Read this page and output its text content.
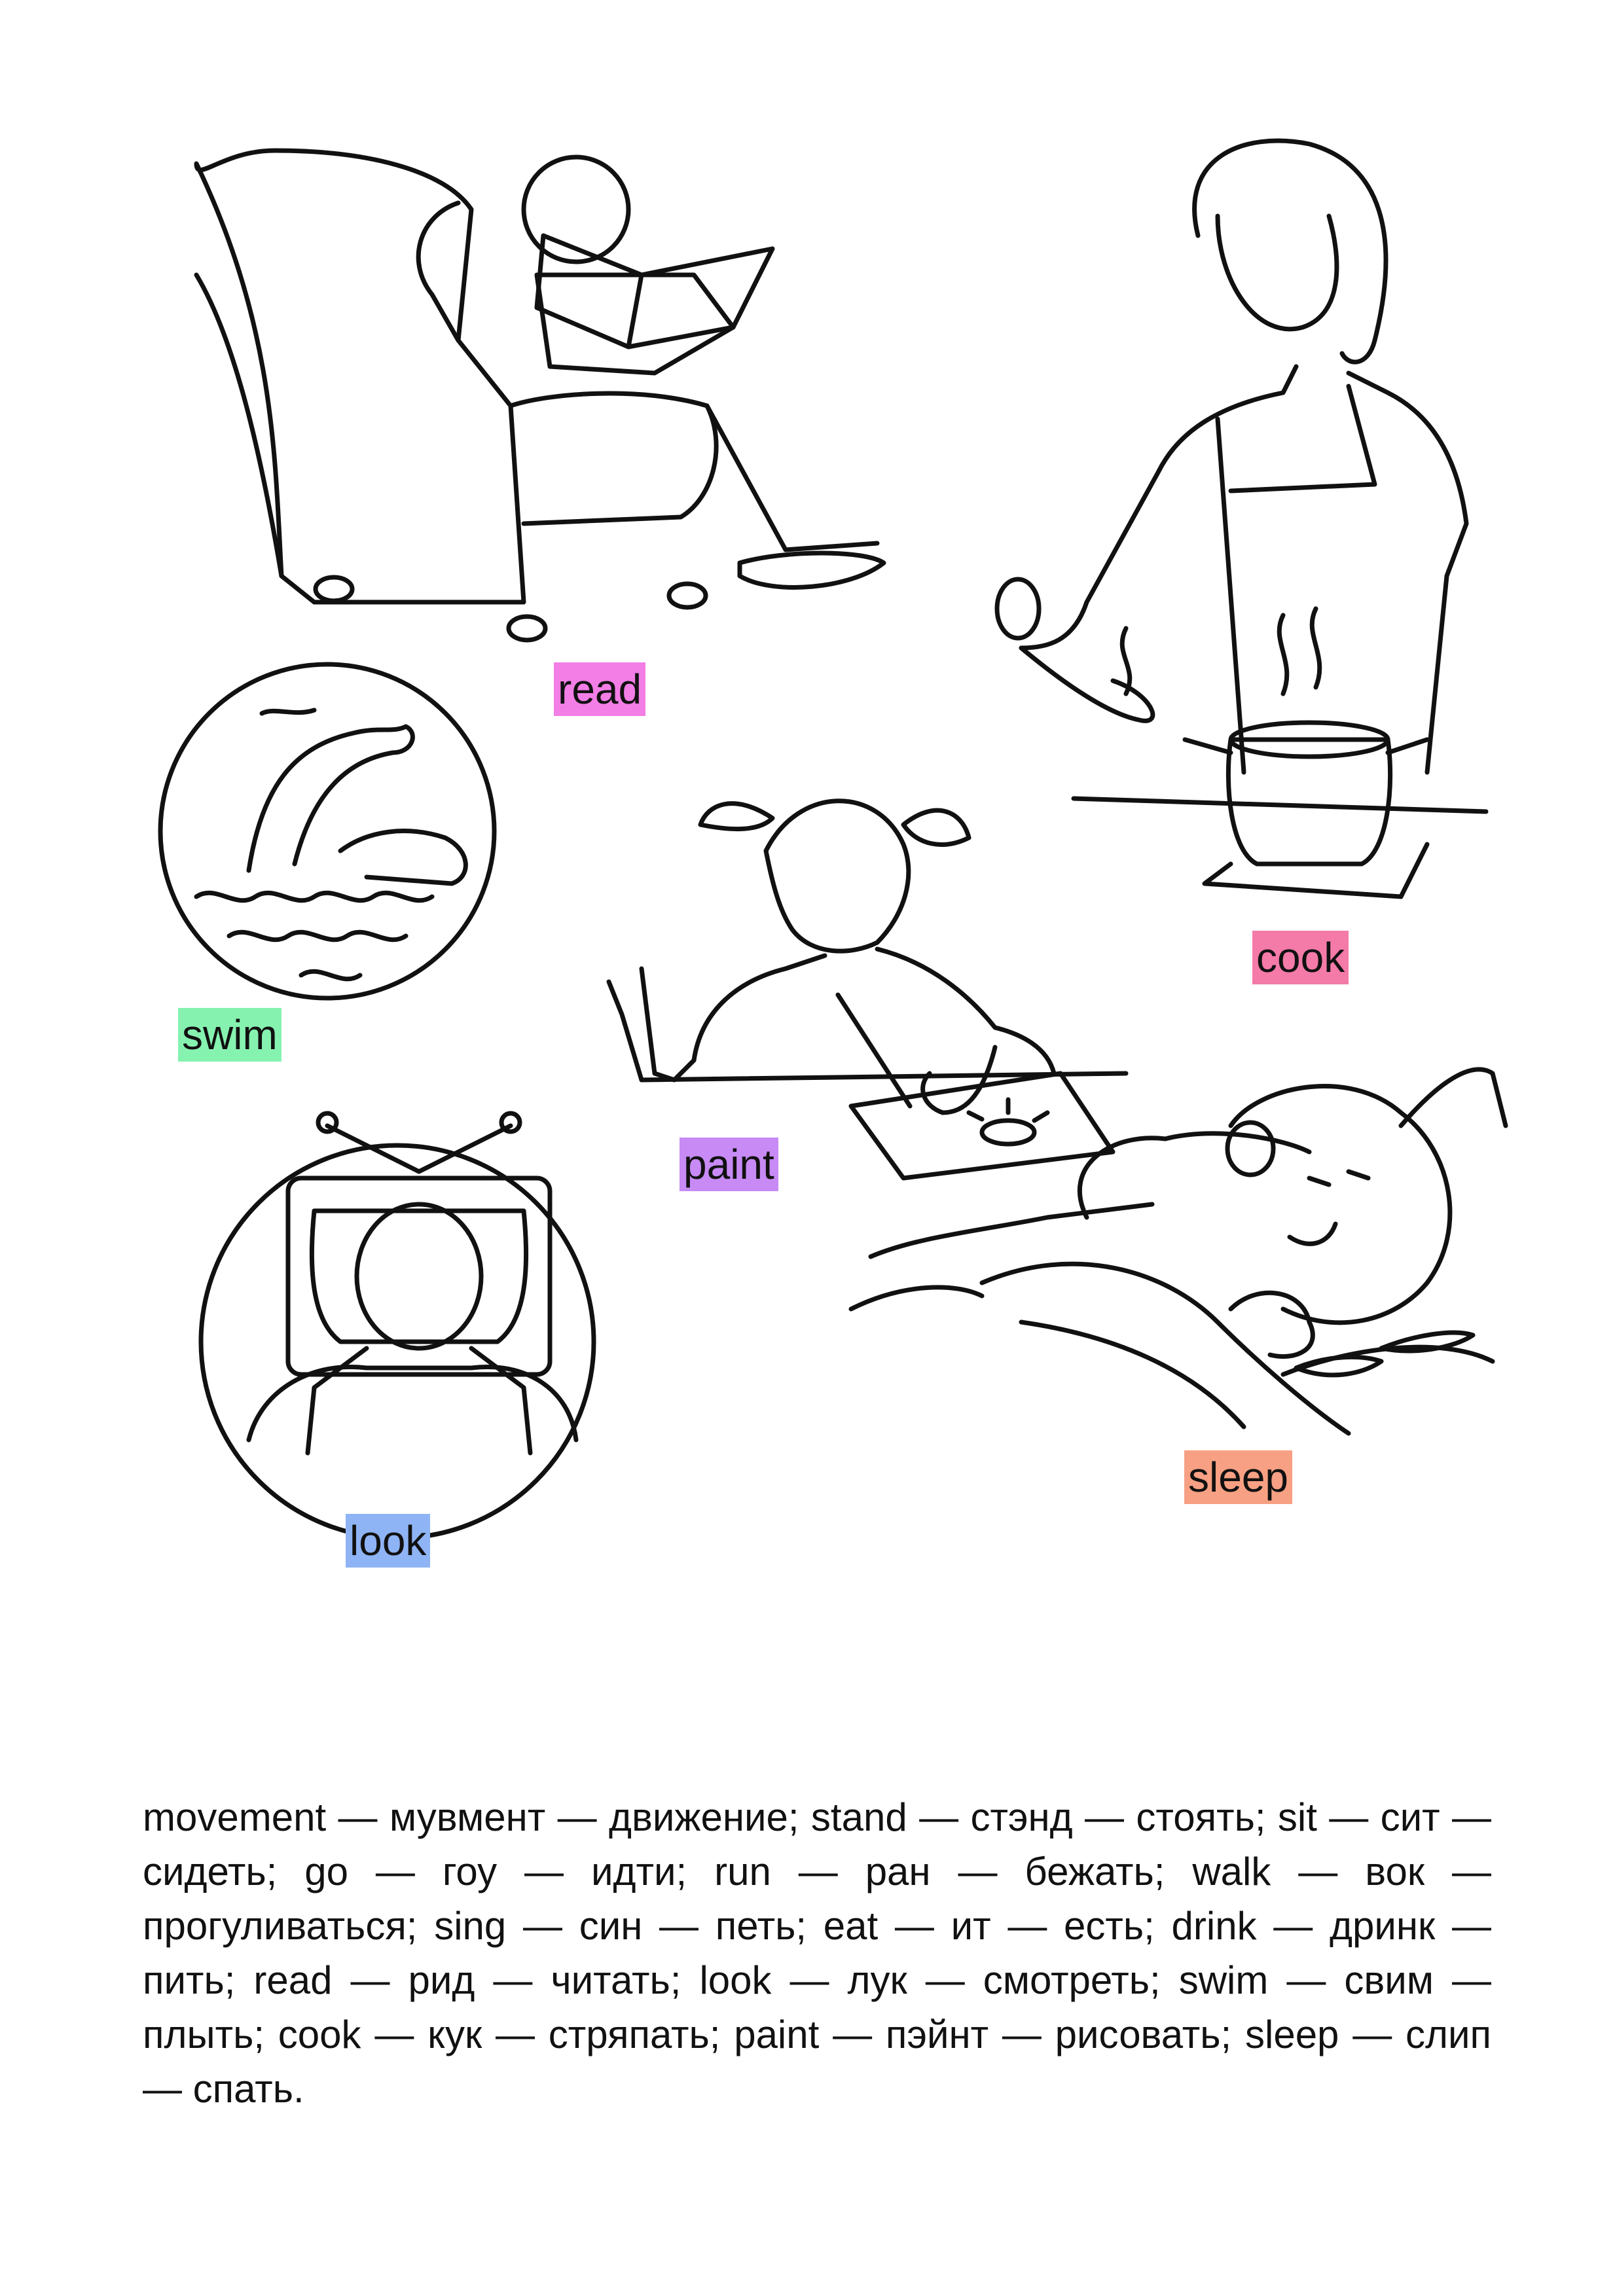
read
cook
swim
paint
sleep
look
movement — мувмент — движение; stand — стэнд — стоять; sit — сит — сидеть; go — гоу — идти; run — ран — бежать; walk — вок — прогуливаться; sing — син — петь; eat — ит — есть; drink — дринк — пить; read — рид — читать; look — лук — смотреть; swim — свим — плыть; cook — кук — стряпать; paint — пэйнт — рисовать; sleep — слип — спать.
